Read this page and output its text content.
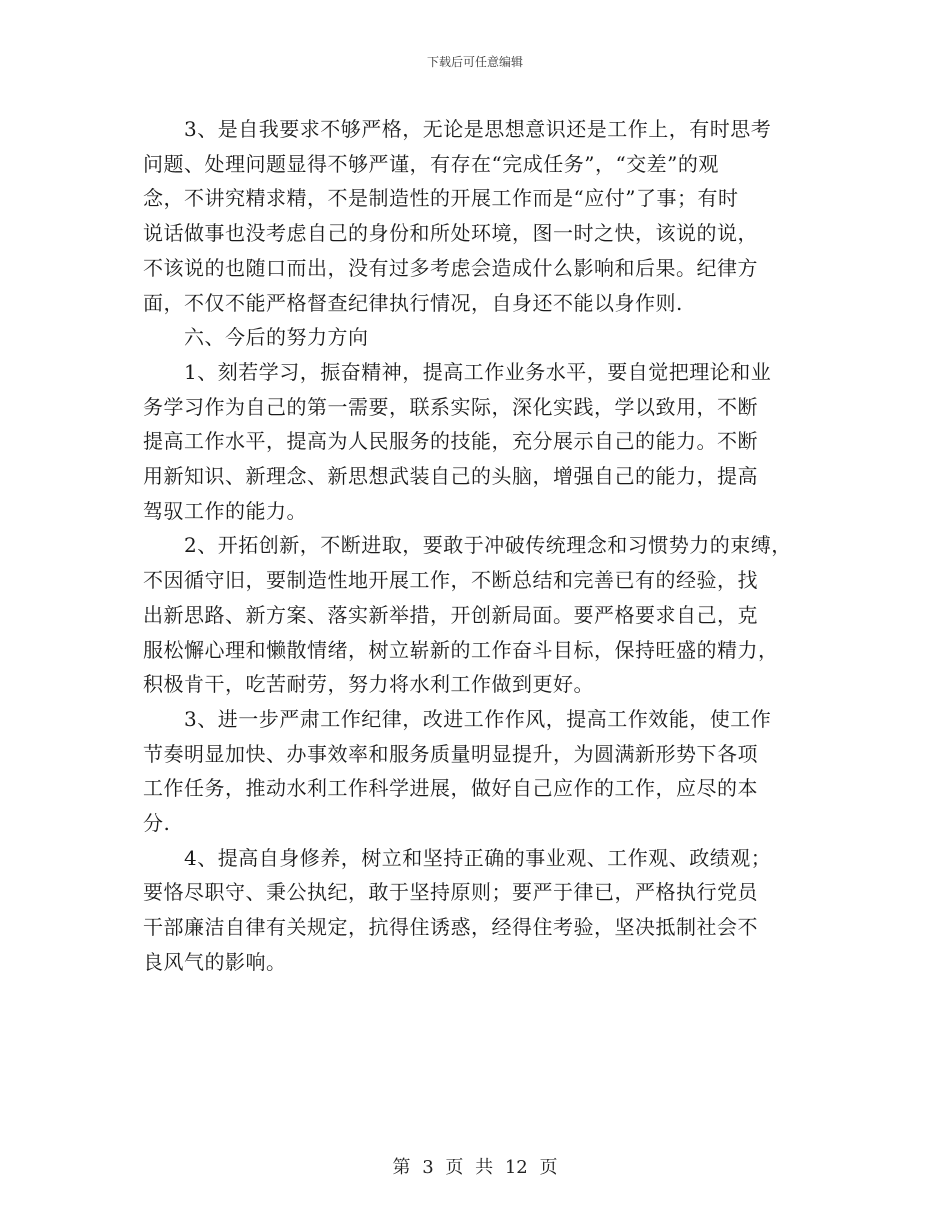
下载后可任意编辑

　　3、是自我要求不够严格，无论是思想意识还是工作上，有时思考

问题、处理问题显得不够严谨，有存在“完成任务”，“交差”的观

念，不讲究精求精，不是制造性的开展工作而是“应付”了事；有时

说话做事也没考虑自己的身份和所处环境，图一时之快，该说的说，

不该说的也随口而出，没有过多考虑会造成什么影响和后果。纪律方

面，不仅不能严格督查纪律执行情况，自身还不能以身作则.

　　六、今后的努力方向

　　1、刻若学习，振奋精神，提高工作业务水平，要自觉把理论和业

务学习作为自己的第一需要，联系实际，深化实践，学以致用，不断

提高工作水平，提高为人民服务的技能，充分展示自己的能力。不断

用新知识、新理念、新思想武装自己的头脑，增强自己的能力，提高

驾驭工作的能力。

　　2、开拓创新，不断进取，要敢于冲破传统理念和习惯势力的束缚，

不因循守旧，要制造性地开展工作，不断总结和完善已有的经验，找

出新思路、新方案、落实新举措，开创新局面。要严格要求自己，克

服松懈心理和懒散情绪，树立崭新的工作奋斗目标，保持旺盛的精力，

积极肯干，吃苦耐劳，努力将水利工作做到更好。

　　3、进一步严肃工作纪律，改进工作作风，提高工作效能，使工作

节奏明显加快、办事效率和服务质量明显提升，为圆满新形势下各项

工作任务，推动水利工作科学进展，做好自己应作的工作，应尽的本

分.

　　4、提高自身修养，树立和坚持正确的事业观、工作观、政绩观；

要恪尽职守、秉公执纪，敢于坚持原则；要严于律已，严格执行党员

干部廉洁自律有关规定，抗得住诱惑，经得住考验，坚决抵制社会不

良风气的影响。

第 3 页 共 12 页
